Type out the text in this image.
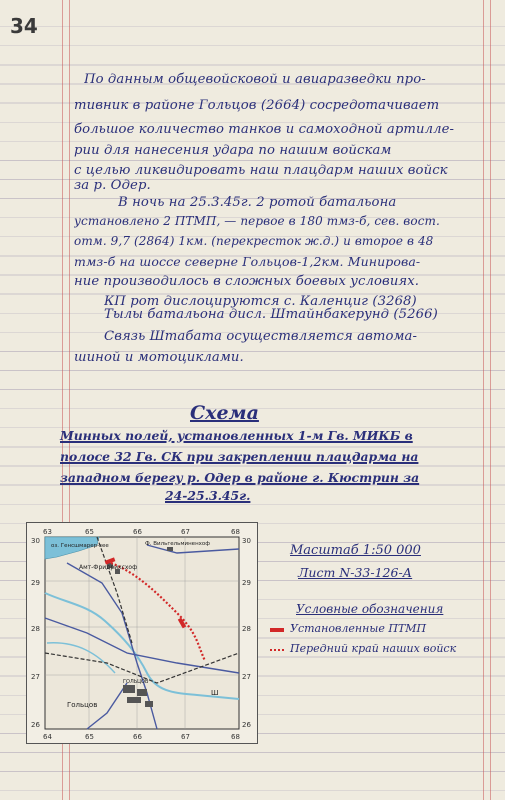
34
По данным общевойсковой и авиаразведки про-
тивник в районе Гольцов (2664) сосредотачивает
большое количество танков и самоходной артилле-
рии для нанесения удара по нашим войскам
с целью ликвидировать наш плацдарм наших войск
за р. Одер.
В ночь на 25.3.45г. 2 ротой батальона
установлено 2 ПТМП, — первое в 180 тмз-б, сев. вост.
отм. 9,7 (2864) 1км. (перекресток ж.д.) и второе в 48
тмз-б на шоссе северне Гольцов-1,2км. Минирова-
ние производилось в сложных боевых условиях.
КП рот дислоцируются с. Каленциг (3268)
Тылы батальона дисл. Штайнбакерунд (5266)
Связь Штабата осуществляется автома-
шиной и мотоциклами.
Схема
Минных полей, установленных 1-м Гв. МИКБ в
полосе 32 Гв. СК при закреплении плацдарма на
западном берегу р. Одер в районе г. Кюстрин за
24-25.3.45г.
63	65	66	67	68
64	65	66	67	68
30
29
28
27
26
30
29
28
27
26
оз. Генсшмарер-зее	Ф. Вильгельминенхоф
Амт-Фридрихсхоф
ГОЛЬЦОВ
Гольцов
Ш
Масштаб 1:50 000
Лист N-33-126-А
Условные обозначения
Установленные ПТМП
Передний край наших войск
